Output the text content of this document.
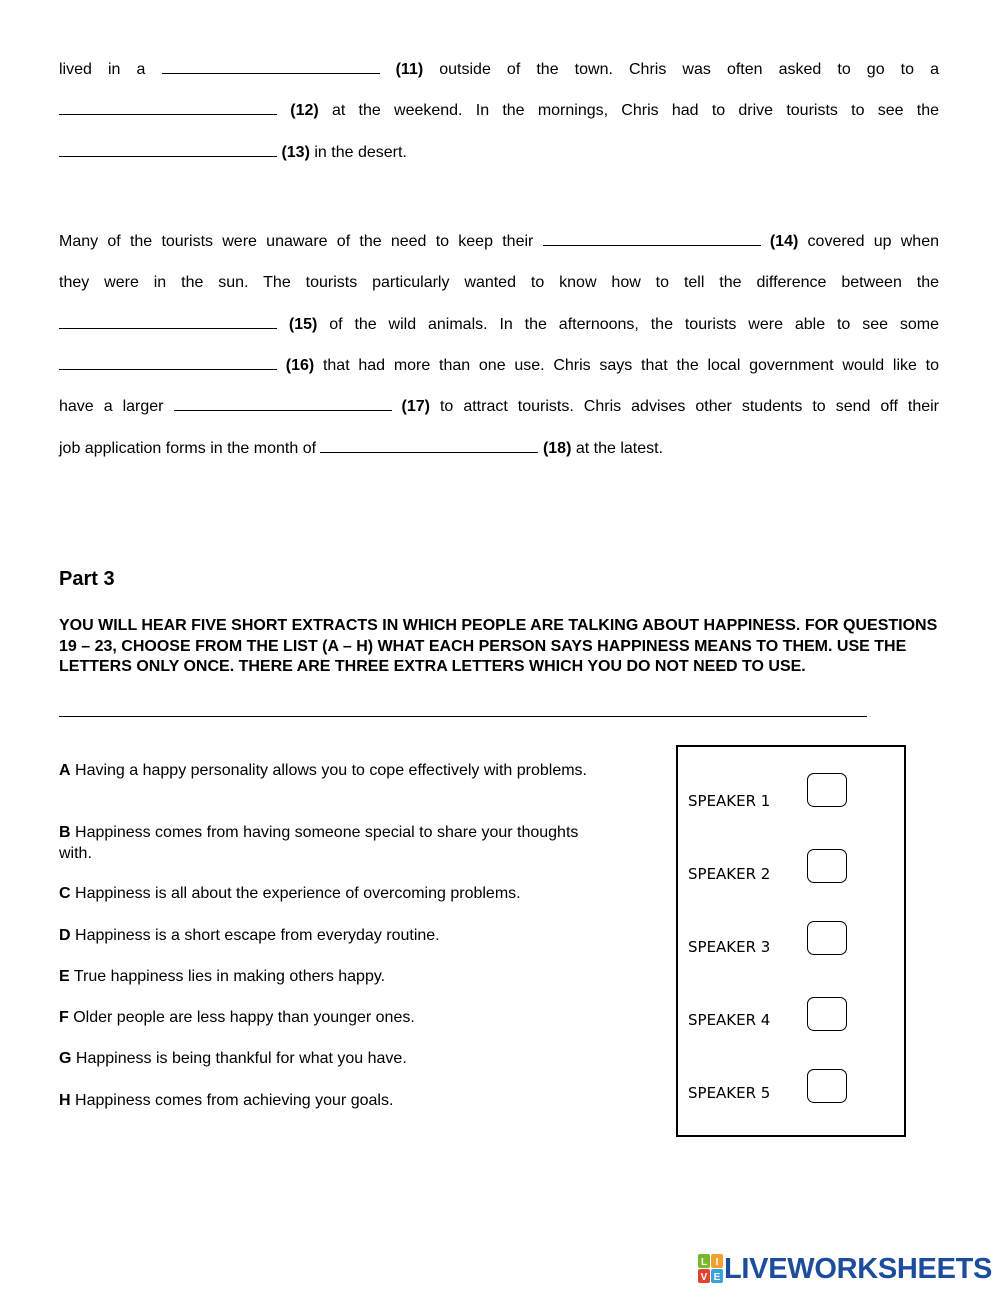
lived in a	(11) outside of the town. Chris was often asked to go to a
(12) at the weekend. In the mornings, Chris had to drive tourists to see the
(13) in the desert.
Many of the tourists were unaware of the need to keep their	(14) covered up when
they were in the sun. The tourists particularly wanted to know how to tell the difference between the
(15) of the wild animals. In the afternoons, the tourists were able to see some
(16) that had more than one use. Chris says that the local government would like to
have a larger	(17) to attract tourists. Chris advises other students to send off their
job application forms in the month of	(18) at the latest.
Part 3
YOU WILL HEAR FIVE SHORT EXTRACTS IN WHICH PEOPLE ARE TALKING ABOUT HAPPINESS. FOR QUESTIONS 19 – 23, CHOOSE FROM THE LIST (A – H) WHAT EACH PERSON SAYS HAPPINESS MEANS TO THEM. USE THE LETTERS ONLY ONCE. THERE ARE THREE EXTRA LETTERS WHICH YOU DO NOT NEED TO USE.
A Having a happy personality allows you to cope effectively with problems.
B Happiness comes from having someone special to share your thoughts with.
C Happiness is all about the experience of overcoming problems.
D Happiness is a short escape from everyday routine.
E True happiness lies in making others happy.
F Older people are less happy than younger ones.
G Happiness is being thankful for what you have.
H Happiness comes from achieving your goals.
SPEAKER 1
SPEAKER 2
SPEAKER 3
SPEAKER 4
SPEAKER 5
L I
V E LIVEWORKSHEETS
